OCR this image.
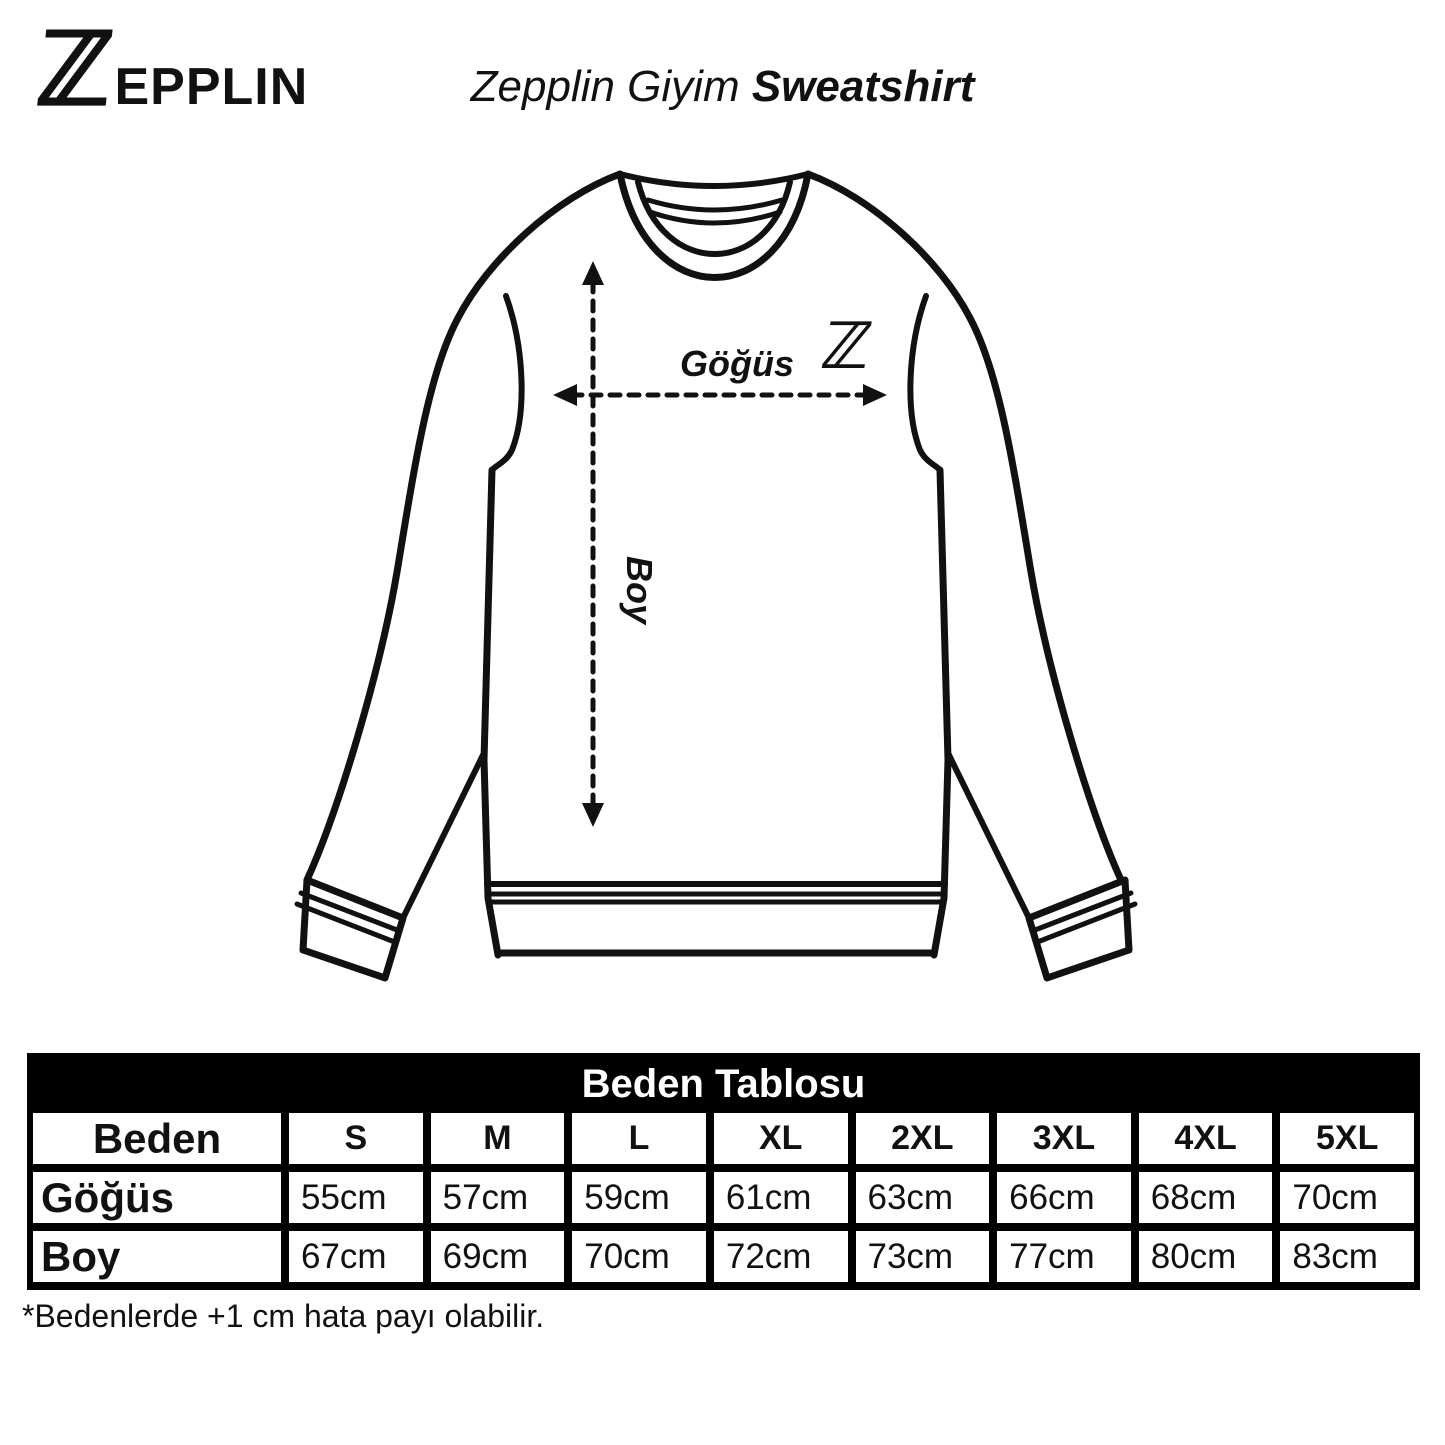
ℤ
EPPLIN	Zepplin Giyim Sweatshirt
Göğüs
Boy
ℤ
Beden Tablosu
Beden	S	M	L	XL	2XL	3XL	4XL	5XL
Göğüs	55cm	57cm	59cm	61cm	63cm	66cm	68cm	70cm
Boy	67cm	69cm	70cm	72cm	73cm	77cm	80cm	83cm
*Bedenlerde +1 cm hata payı olabilir.
